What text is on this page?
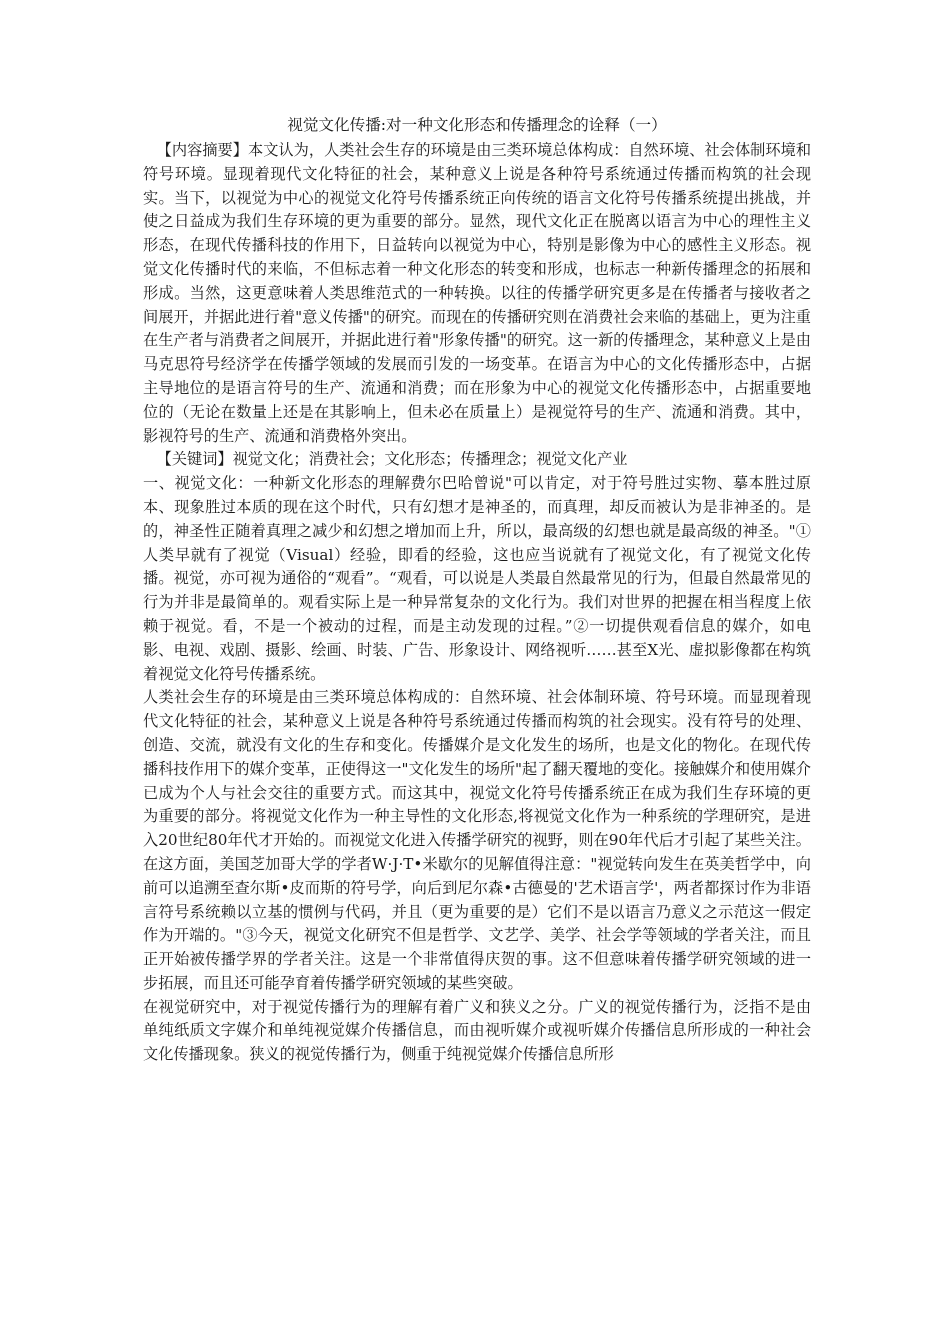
视觉文化传播:对一种文化形态和传播理念的诠释（一）

【内容摘要】本文认为，人类社会生存的环境是由三类环境总体构成：自然环境、社会体制环境和符号环境。显现着现代文化特征的社会，某种意义上说是各种符号系统通过传播而构筑的社会现实。当下，以视觉为中心的视觉文化符号传播系统正向传统的语言文化符号传播系统提出挑战，并使之日益成为我们生存环境的更为重要的部分。显然，现代文化正在脱离以语言为中心的理性主义形态，在现代传播科技的作用下，日益转向以视觉为中心，特别是影像为中心的感性主义形态。视觉文化传播时代的来临，不但标志着一种文化形态的转变和形成，也标志一种新传播理念的拓展和形成。当然，这更意味着人类思维范式的一种转换。以往的传播学研究更多是在传播者与接收者之间展开，并据此进行着"意义传播"的研究。而现在的传播研究则在消费社会来临的基础上，更为注重在生产者与消费者之间展开，并据此进行着"形象传播"的研究。这一新的传播理念，某种意义上是由马克思符号经济学在传播学领域的发展而引发的一场变革。在语言为中心的文化传播形态中，占据主导地位的是语言符号的生产、流通和消费；而在形象为中心的视觉文化传播形态中，占据重要地位的（无论在数量上还是在其影响上，但未必在质量上）是视觉符号的生产、流通和消费。其中，影视符号的生产、流通和消费格外突出。

【关键词】视觉文化；消费社会；文化形态；传播理念；视觉文化产业

一、视觉文化：一种新文化形态的理解费尔巴哈曾说"可以肯定，对于符号胜过实物、摹本胜过原本、现象胜过本质的现在这个时代，只有幻想才是神圣的，而真理，却反而被认为是非神圣的。是的，神圣性正随着真理之减少和幻想之增加而上升，所以，最高级的幻想也就是最高级的神圣。"①人类早就有了视觉（Visual）经验，即看的经验，这也应当说就有了视觉文化，有了视觉文化传播。视觉，亦可视为通俗的“观看”。“观看，可以说是人类最自然最常见的行为，但最自然最常见的行为并非是最简单的。观看实际上是一种异常复杂的文化行为。我们对世界的把握在相当程度上依赖于视觉。看，不是一个被动的过程，而是主动发现的过程。”②一切提供观看信息的媒介，如电影、电视、戏剧、摄影、绘画、时装、广告、形象设计、网络视听……甚至X光、虚拟影像都在构筑着视觉文化符号传播系统。

人类社会生存的环境是由三类环境总体构成的：自然环境、社会体制环境、符号环境。而显现着现代文化特征的社会，某种意义上说是各种符号系统通过传播而构筑的社会现实。没有符号的处理、创造、交流，就没有文化的生存和变化。传播媒介是文化发生的场所，也是文化的物化。在现代传播科技作用下的媒介变革，正使得这一"文化发生的场所"起了翻天覆地的变化。接触媒介和使用媒介已成为个人与社会交往的重要方式。而这其中，视觉文化符号传播系统正在成为我们生存环境的更为重要的部分。将视觉文化作为一种主导性的文化形态,将视觉文化作为一种系统的学理研究，是进入20世纪80年代才开始的。而视觉文化进入传播学研究的视野，则在90年代后才引起了某些关注。在这方面，美国芝加哥大学的学者W·J·T•米歇尔的见解值得注意："视觉转向发生在英美哲学中，向前可以追溯至查尔斯•皮而斯的符号学，向后到尼尔森•古德曼的'艺术语言学'，两者都探讨作为非语言符号系统赖以立基的惯例与代码，并且（更为重要的是）它们不是以语言乃意义之示范这一假定作为开端的。"③今天，视觉文化研究不但是哲学、文艺学、美学、社会学等领域的学者关注，而且正开始被传播学界的学者关注。这是一个非常值得庆贺的事。这不但意味着传播学研究领域的进一步拓展，而且还可能孕育着传播学研究领域的某些突破。

在视觉研究中，对于视觉传播行为的理解有着广义和狭义之分。广义的视觉传播行为，泛指不是由单纯纸质文字媒介和单纯视觉媒介传播信息，而由视听媒介或视听媒介传播信息所形成的一种社会文化传播现象。狭义的视觉传播行为，侧重于纯视觉媒介传播信息所形
